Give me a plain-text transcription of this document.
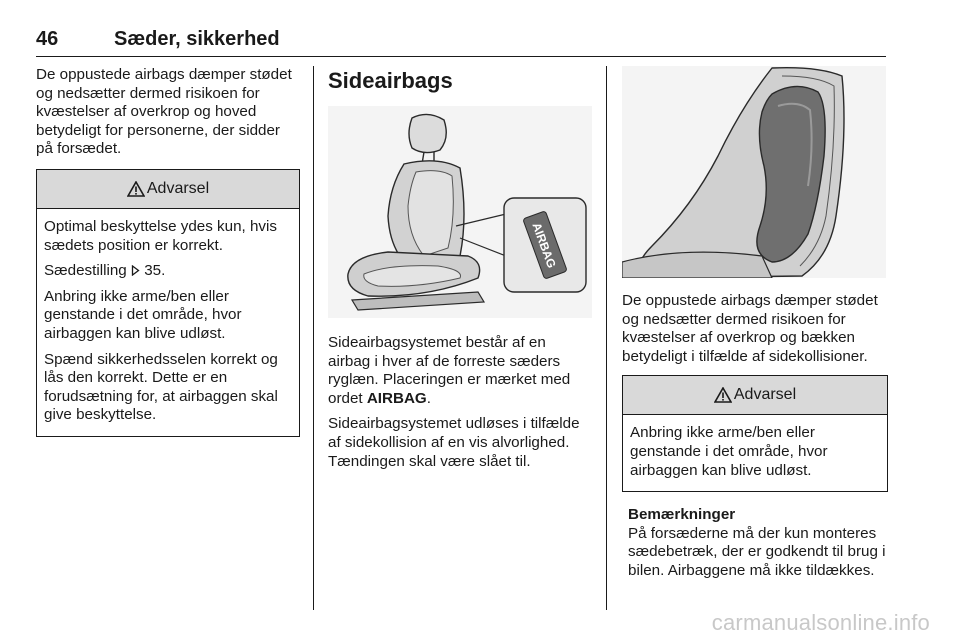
46	Sæder, sikkerhed

De oppustede airbags dæmper stødet og nedsætter dermed risikoen for kvæstelser af overkrop og hoved betydeligt for personerne, der sidder på forsædet.

Advarsel

Optimal beskyttelse ydes kun, hvis sædets position er korrekt.

Sædestilling 35.

Anbring ikke arme/ben eller genstande i det område, hvor airbaggen kan blive udløst.

Spænd sikkerhedsselen korrekt og lås den korrekt. Dette er en forudsætning for, at airbaggen skal give beskyttelse.

Sideairbags
AIRBAG

Sideairbagsystemet består af en airbag i hver af de forreste sæders ryglæn. Placeringen er mærket med ordet AIRBAG.

Sideairbagsystemet udløses i tilfælde af sidekollision af en vis alvorlighed. Tændingen skal være slået til.

De oppustede airbags dæmper stødet og nedsætter dermed risikoen for kvæstelser af overkrop og bækken betydeligt i tilfælde af sidekollisioner.

Advarsel

Anbring ikke arme/ben eller genstande i det område, hvor airbaggen kan blive udløst.

Bemærkninger
På forsæderne må der kun monteres sædebetræk, der er godkendt til brug i bilen. Airbaggene må ikke tildækkes.
carmanualsonline.info
